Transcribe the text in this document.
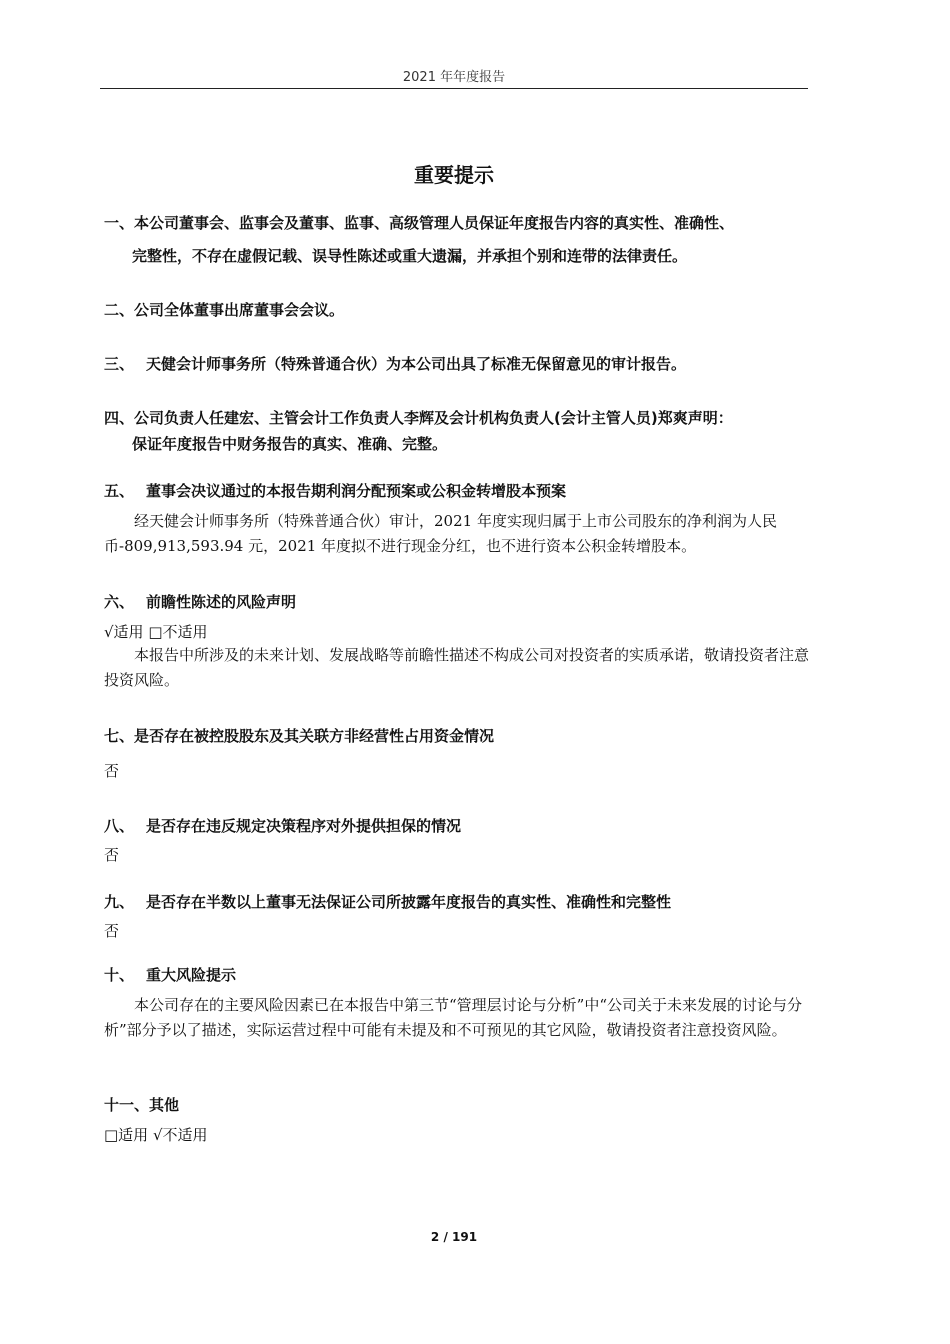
2021 年年度报告
重要提示
一、本公司董事会、监事会及董事、监事、高级管理人员保证年度报告内容的真实性、准确性、
完整性，不存在虚假记载、误导性陈述或重大遗漏，并承担个别和连带的法律责任。
二、公司全体董事出席董事会会议。
三、 天健会计师事务所（特殊普通合伙）为本公司出具了标准无保留意见的审计报告。
四、公司负责人任建宏、主管会计工作负责人李辉及会计机构负责人(会计主管人员)郑爽声明：
保证年度报告中财务报告的真实、准确、完整。
五、 董事会决议通过的本报告期利润分配预案或公积金转增股本预案
经天健会计师事务所（特殊普通合伙）审计，2021 年度实现归属于上市公司股东的净利润为人民币-809,913,593.94 元，2021 年度拟不进行现金分红，也不进行资本公积金转增股本。
六、 前瞻性陈述的风险声明
√适用 □不适用
本报告中所涉及的未来计划、发展战略等前瞻性描述不构成公司对投资者的实质承诺，敬请投资者注意投资风险。
七、是否存在被控股股东及其关联方非经营性占用资金情况
否
八、 是否存在违反规定决策程序对外提供担保的情况
否
九、 是否存在半数以上董事无法保证公司所披露年度报告的真实性、准确性和完整性
否
十、 重大风险提示
本公司存在的主要风险因素已在本报告中第三节“管理层讨论与分析”中“公司关于未来发展的讨论与分析”部分予以了描述，实际运营过程中可能有未提及和不可预见的其它风险，敬请投资者注意投资风险。
十一、其他
□适用 √不适用
2 / 191
